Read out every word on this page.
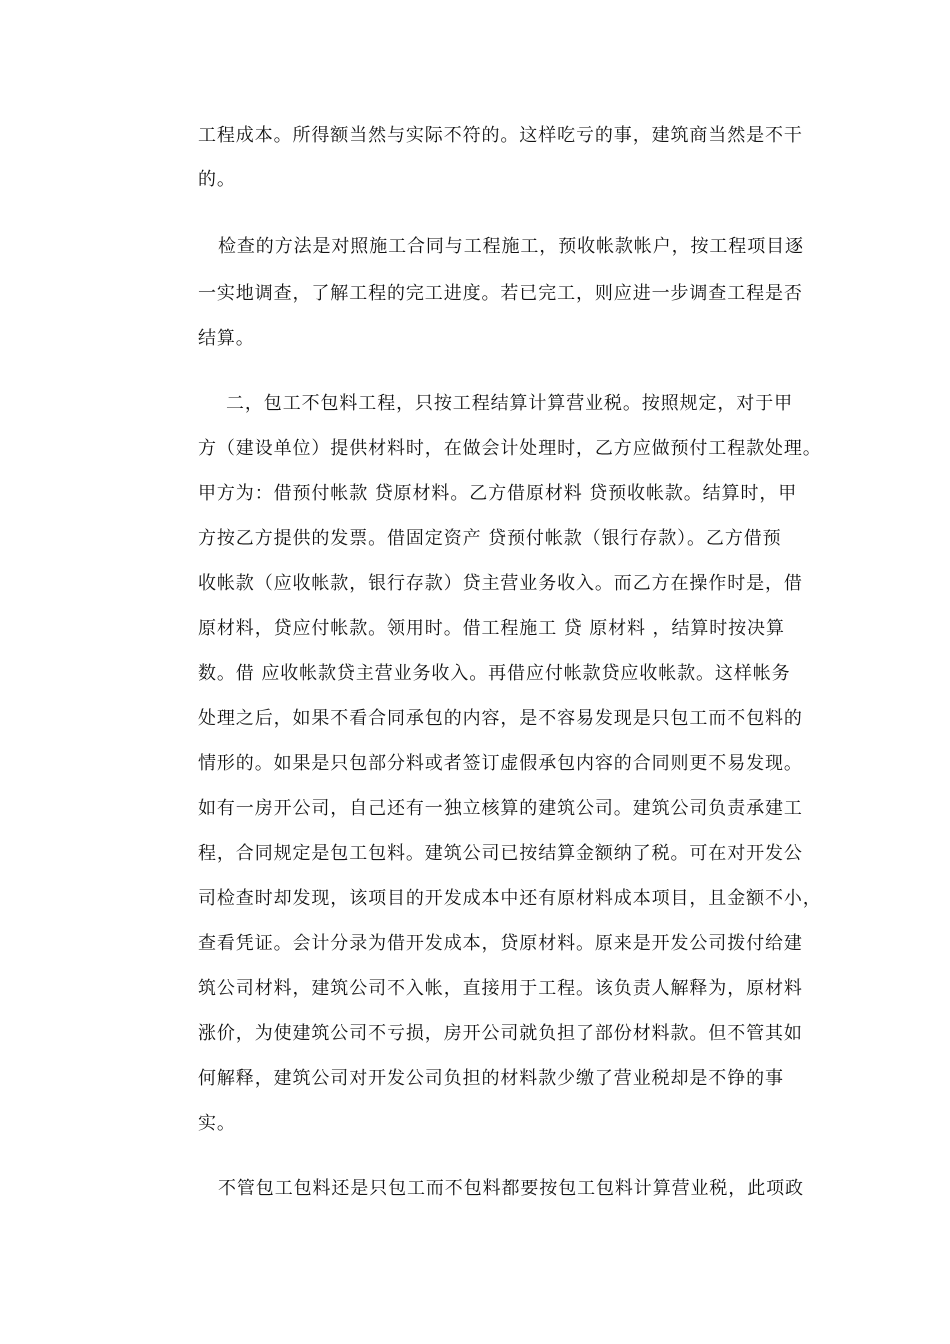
工程成本。所得额当然与实际不符的。这样吃亏的事，建筑商当然是不干
的。
检查的方法是对照施工合同与工程施工，预收帐款帐户，按工程项目逐
一实地调查，了解工程的完工进度。若已完工，则应进一步调查工程是否
结算。
二，包工不包料工程，只按工程结算计算营业税。按照规定，对于甲
方（建设单位）提供材料时，在做会计处理时，乙方应做预付工程款处理。
甲方为：借预付帐款 贷原材料。乙方借原材料 贷预收帐款。结算时，甲
方按乙方提供的发票。借固定资产 贷预付帐款（银行存款）。乙方借预
收帐款（应收帐款，银行存款）贷主营业务收入。而乙方在操作时是，借
原材料，贷应付帐款。领用时。借工程施工 贷 原材料 ，结算时按决算
数。借 应收帐款贷主营业务收入。再借应付帐款贷应收帐款。这样帐务
处理之后，如果不看合同承包的内容，是不容易发现是只包工而不包料的
情形的。如果是只包部分料或者签订虚假承包内容的合同则更不易发现。
如有一房开公司，自己还有一独立核算的建筑公司。建筑公司负责承建工
程，合同规定是包工包料。建筑公司已按结算金额纳了税。可在对开发公
司检查时却发现，该项目的开发成本中还有原材料成本项目，且金额不小，
查看凭证。会计分录为借开发成本，贷原材料。原来是开发公司拨付给建
筑公司材料，建筑公司不入帐，直接用于工程。该负责人解释为，原材料
涨价，为使建筑公司不亏损，房开公司就负担了部份材料款。但不管其如
何解释，建筑公司对开发公司负担的材料款少缴了营业税却是不铮的事
实。
不管包工包料还是只包工而不包料都要按包工包料计算营业税，此项政
